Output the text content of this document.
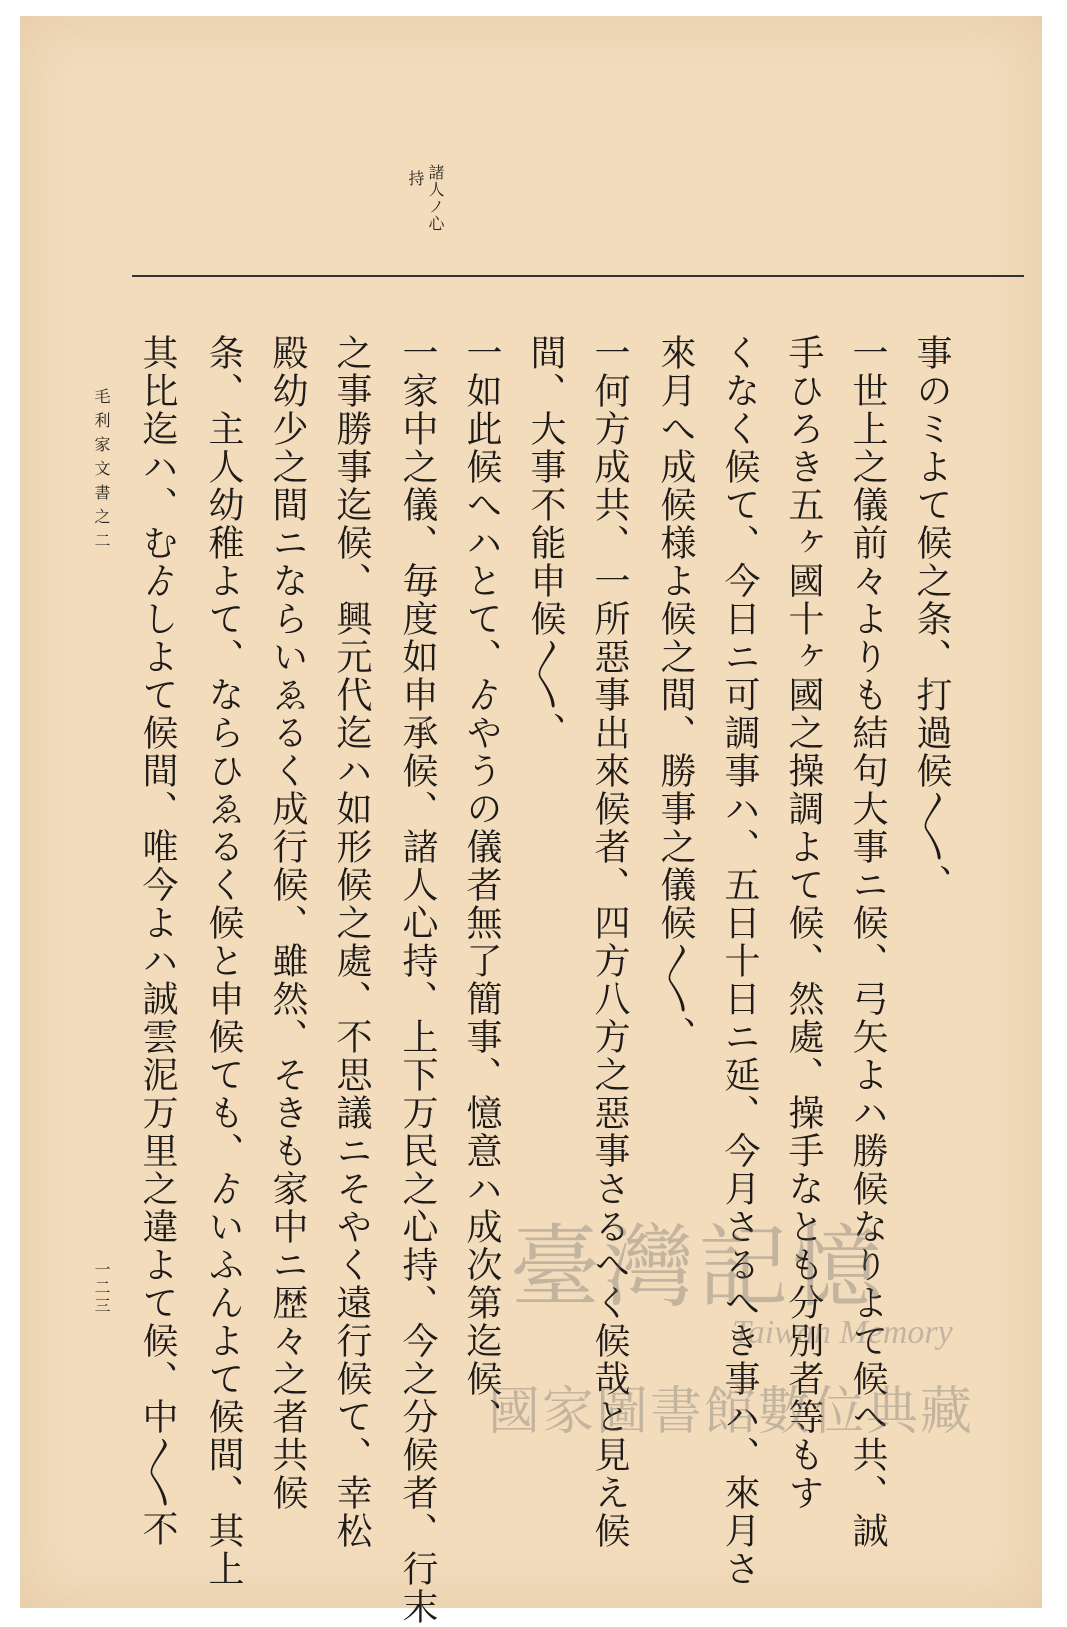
諸人ノ心
持
事のミよて候之条、打過候〳〵、
一世上之儀前々よりも結句大事ニ候、弓矢よハ勝候なりよて候へ共、誠
手ひろき五ヶ國十ヶ國之操調よて候、然處、操手なとも分別者等もす
くなく候て、今日ニ可調事ハ、五日十日ニ延、今月さるへき事ハ、來月さ
來月へ成候様よ候之間、勝事之儀候〳〵、
一何方成共、一所惡事出來候者、四方八方之惡事さるへく候哉と見え候
間、大事不能申候〳〵、
一如此候へハとて、ゟやうの儀者無了簡事、憶意ハ成次第迄候、
一家中之儀、毎度如申承候、諸人心持、上下万民之心持、今之分候者、行末
之事勝事迄候、興元代迄ハ如形候之處、不思議ニそやく遠行候て、幸松
殿幼少之間ニならいゑるく成行候、雖然、そきも家中ニ歴々之者共候
条、主人幼稚よて、ならひゑるく候と申候ても、ゟいふんよて候間、其上
其比迄ハ、むゟしよて候間、唯今よハ誠雲泥万里之違よて候、中〳〵不
毛利家文書之二
一二三	臺灣記憶
Taiwan Memory
國家圖書館數位典藏
